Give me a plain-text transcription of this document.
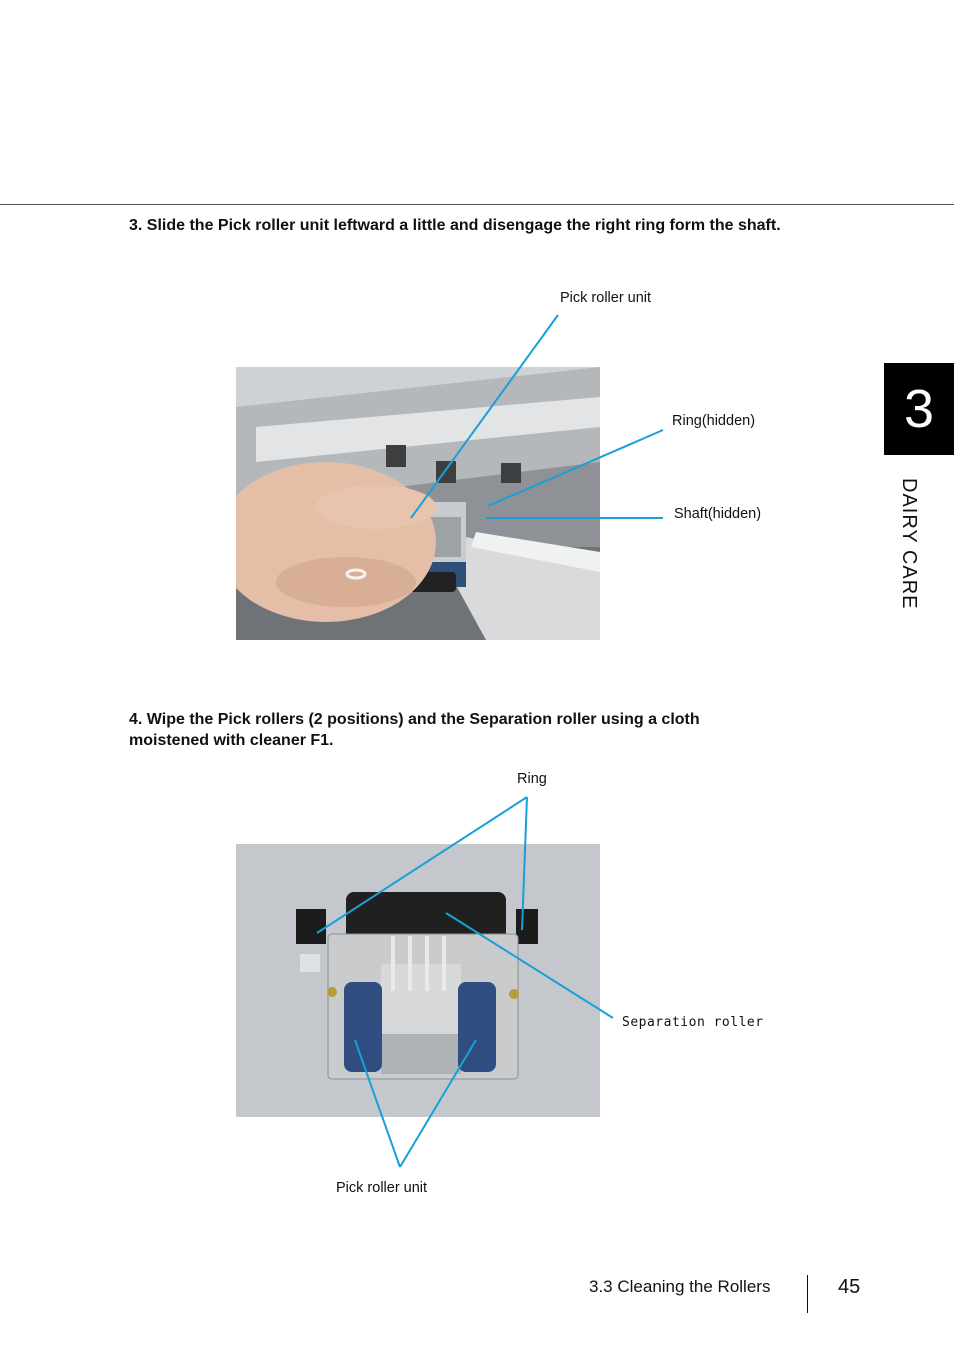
3. Slide the Pick roller unit leftward a little and disengage the right ring form the shaft.
Pick roller unit
Ring(hidden)
Shaft(hidden)
4. Wipe the Pick rollers (2 positions) and the Separation roller using a cloth
moistened with cleaner F1.
Ring
Separation roller
Pick roller unit
3
DAIRY CARE
3.3 Cleaning the Rollers	45
